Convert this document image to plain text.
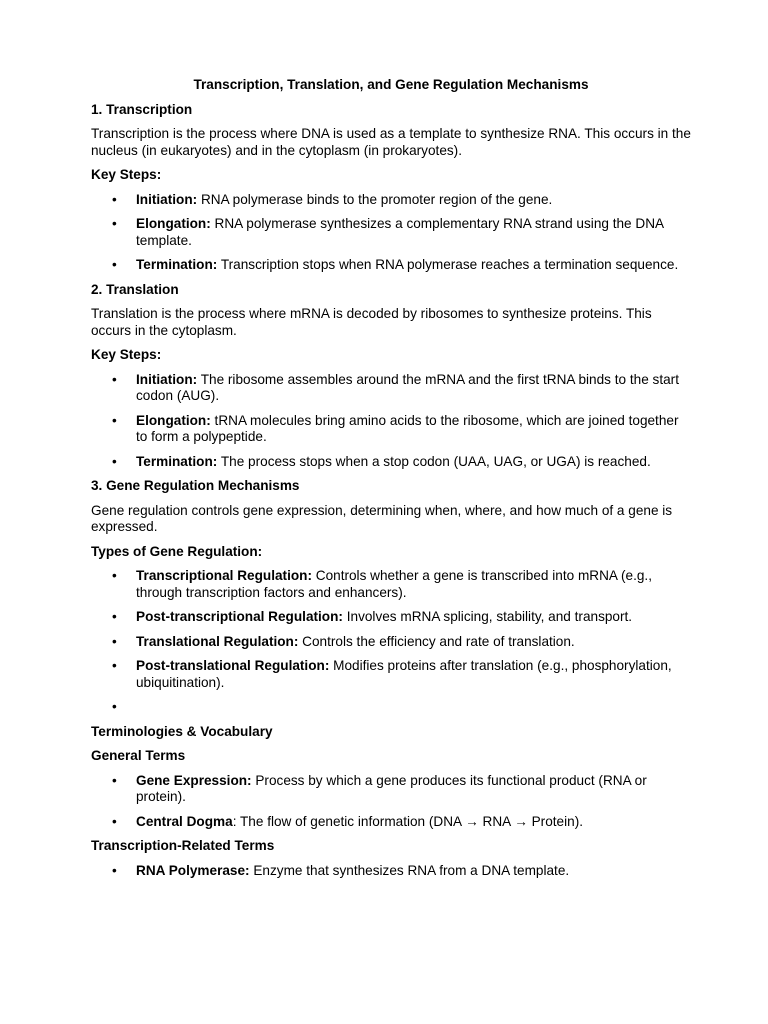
Transcription, Translation, and Gene Regulation Mechanisms
1. Transcription

Transcription is the process where DNA is used as a template to synthesize RNA. This occurs in the nucleus (in eukaryotes) and in the cytoplasm (in prokaryotes).

Key Steps:
• Initiation: RNA polymerase binds to the promoter region of the gene.
• Elongation: RNA polymerase synthesizes a complementary RNA strand using the DNA template.
• Termination: Transcription stops when RNA polymerase reaches a termination sequence.
2. Translation

Translation is the process where mRNA is decoded by ribosomes to synthesize proteins. This occurs in the cytoplasm.

Key Steps:
• Initiation: The ribosome assembles around the mRNA and the first tRNA binds to the start codon (AUG).
• Elongation: tRNA molecules bring amino acids to the ribosome, which are joined together to form a polypeptide.
• Termination: The process stops when a stop codon (UAA, UAG, or UGA) is reached.
3. Gene Regulation Mechanisms

Gene regulation controls gene expression, determining when, where, and how much of a gene is expressed.

Types of Gene Regulation:
• Transcriptional Regulation: Controls whether a gene is transcribed into mRNA (e.g., through transcription factors and enhancers).
• Post-transcriptional Regulation: Involves mRNA splicing, stability, and transport.
• Translational Regulation: Controls the efficiency and rate of translation.
• Post-translational Regulation: Modifies proteins after translation (e.g., phosphorylation, ubiquitination).
•
Terminologies & Vocabulary
General Terms
• Gene Expression: Process by which a gene produces its functional product (RNA or protein).
• Central Dogma: The flow of genetic information (DNA → RNA → Protein).
Transcription-Related Terms
• RNA Polymerase: Enzyme that synthesizes RNA from a DNA template.
